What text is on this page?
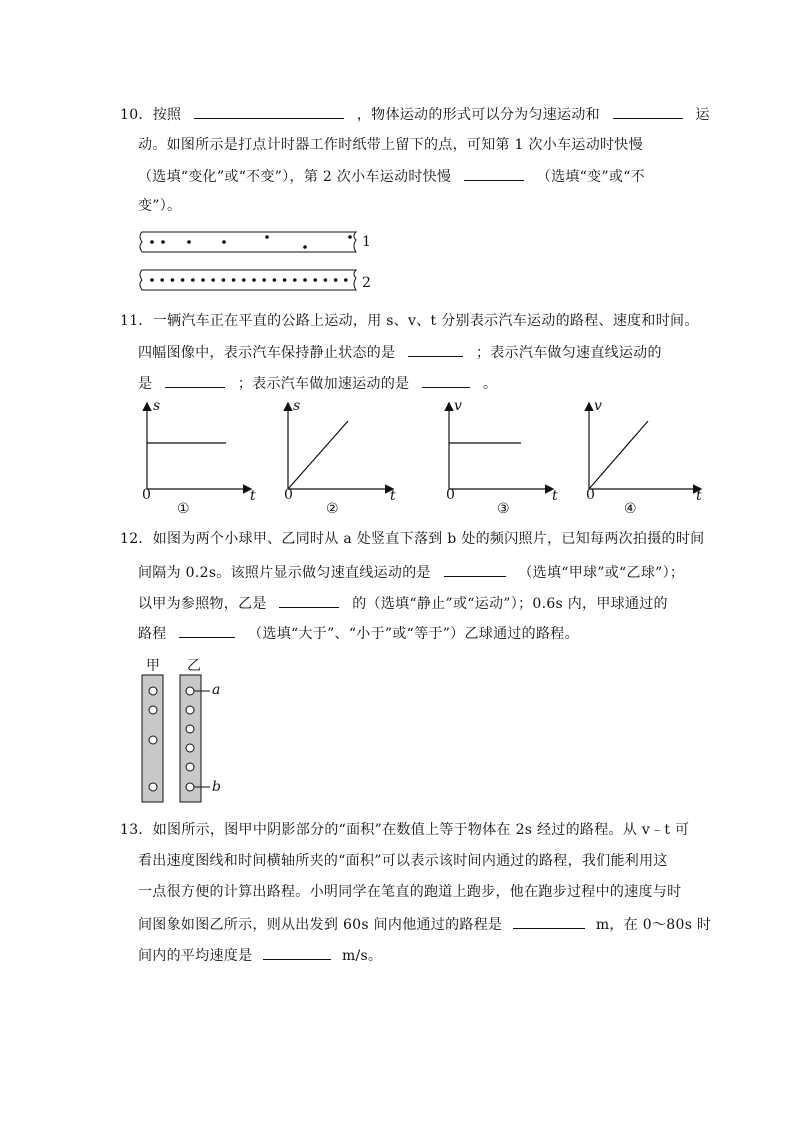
10．按照	，物体运动的形式可以分为匀速运动和	运
动。如图所示是打点计时器工作时纸带上留下的点，可知第 1 次小车运动时快慢
（选填“变化”或“不变”），第 2 次小车运动时快慢	（选填“变”或“不
变”）。
1
2
11．一辆汽车正在平直的公路上运动，用 s、v、t 分别表示汽车运动的路程、速度和时间。
四幅图像中，表示汽车保持静止状态的是	；表示汽车做匀速直线运动的
是	；表示汽车做加速运动的是	。
s
t
0
①
s
t
0
②
v
t
0
③
v
t
0
④
12．如图为两个小球甲、乙同时从 a 处竖直下落到 b 处的频闪照片，已知每两次拍摄的时间
间隔为 0.2s。该照片显示做匀速直线运动的是	（选填“甲球”或“乙球”）；
以甲为参照物，乙是	的（选填“静止”或“运动”）；0.6s 内，甲球通过的
路程	（选填“大于”、“小于”或“等于”）乙球通过的路程。
甲 乙
a
b
13．如图所示，图甲中阴影部分的“面积”在数值上等于物体在 2s 经过的路程。从 v﹣t 可
看出速度图线和时间横轴所夹的“面积”可以表示该时间内通过的路程，我们能利用这
一点很方便的计算出路程。小明同学在笔直的跑道上跑步，他在跑步过程中的速度与时
间图象如图乙所示，则从出发到 60s 间内他通过的路程是	m，在 0～80s 时
间内的平均速度是	m/s。
